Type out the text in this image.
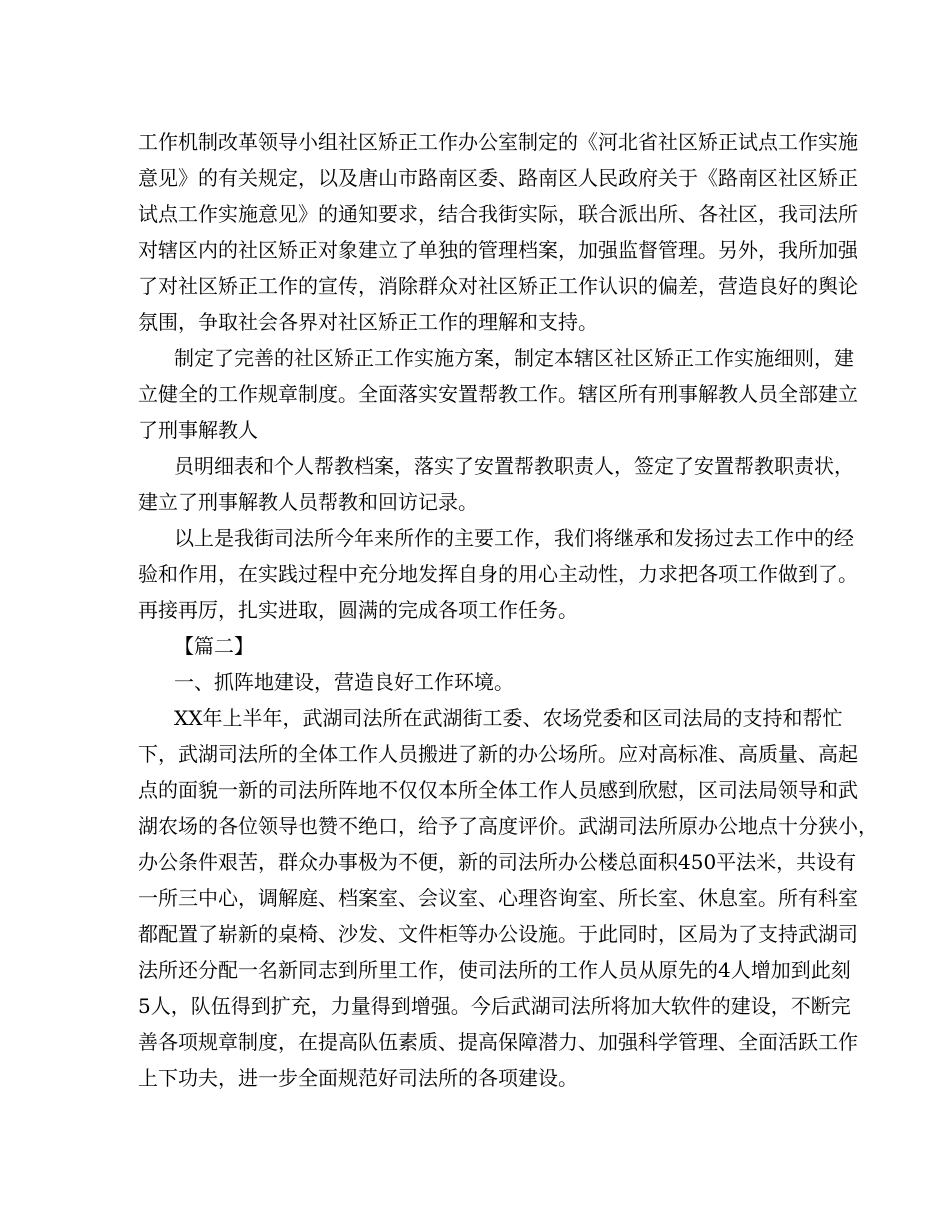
工作机制改革领导小组社区矫正工作办公室制定的《河北省社区矫正试点工作实施
意见》的有关规定，以及唐山市路南区委、路南区人民政府关于《路南区社区矫正
试点工作实施意见》的通知要求，结合我街实际，联合派出所、各社区，我司法所
对辖区内的社区矫正对象建立了单独的管理档案，加强监督管理。另外，我所加强
了对社区矫正工作的宣传，消除群众对社区矫正工作认识的偏差，营造良好的舆论
氛围，争取社会各界对社区矫正工作的理解和支持。
制定了完善的社区矫正工作实施方案，制定本辖区社区矫正工作实施细则，建
立健全的工作规章制度。全面落实安置帮教工作。辖区所有刑事解教人员全部建立
了刑事解教人
员明细表和个人帮教档案，落实了安置帮教职责人，签定了安置帮教职责状，
建立了刑事解教人员帮教和回访记录。
以上是我街司法所今年来所作的主要工作，我们将继承和发扬过去工作中的经
验和作用，在实践过程中充分地发挥自身的用心主动性，力求把各项工作做到了。
再接再厉，扎实进取，圆满的完成各项工作任务。
【篇二】
一、抓阵地建设，营造良好工作环境。
XX年上半年，武湖司法所在武湖街工委、农场党委和区司法局的支持和帮忙
下，武湖司法所的全体工作人员搬进了新的办公场所。应对高标准、高质量、高起
点的面貌一新的司法所阵地不仅仅本所全体工作人员感到欣慰，区司法局领导和武
湖农场的各位领导也赞不绝口，给予了高度评价。武湖司法所原办公地点十分狭小，
办公条件艰苦，群众办事极为不便，新的司法所办公楼总面积450平法米，共设有
一所三中心，调解庭、档案室、会议室、心理咨询室、所长室、休息室。所有科室
都配置了崭新的桌椅、沙发、文件柜等办公设施。于此同时，区局为了支持武湖司
法所还分配一名新同志到所里工作，使司法所的工作人员从原先的4人增加到此刻
5人，队伍得到扩充，力量得到增强。今后武湖司法所将加大软件的建设，不断完
善各项规章制度，在提高队伍素质、提高保障潜力、加强科学管理、全面活跃工作
上下功夫，进一步全面规范好司法所的各项建设。
